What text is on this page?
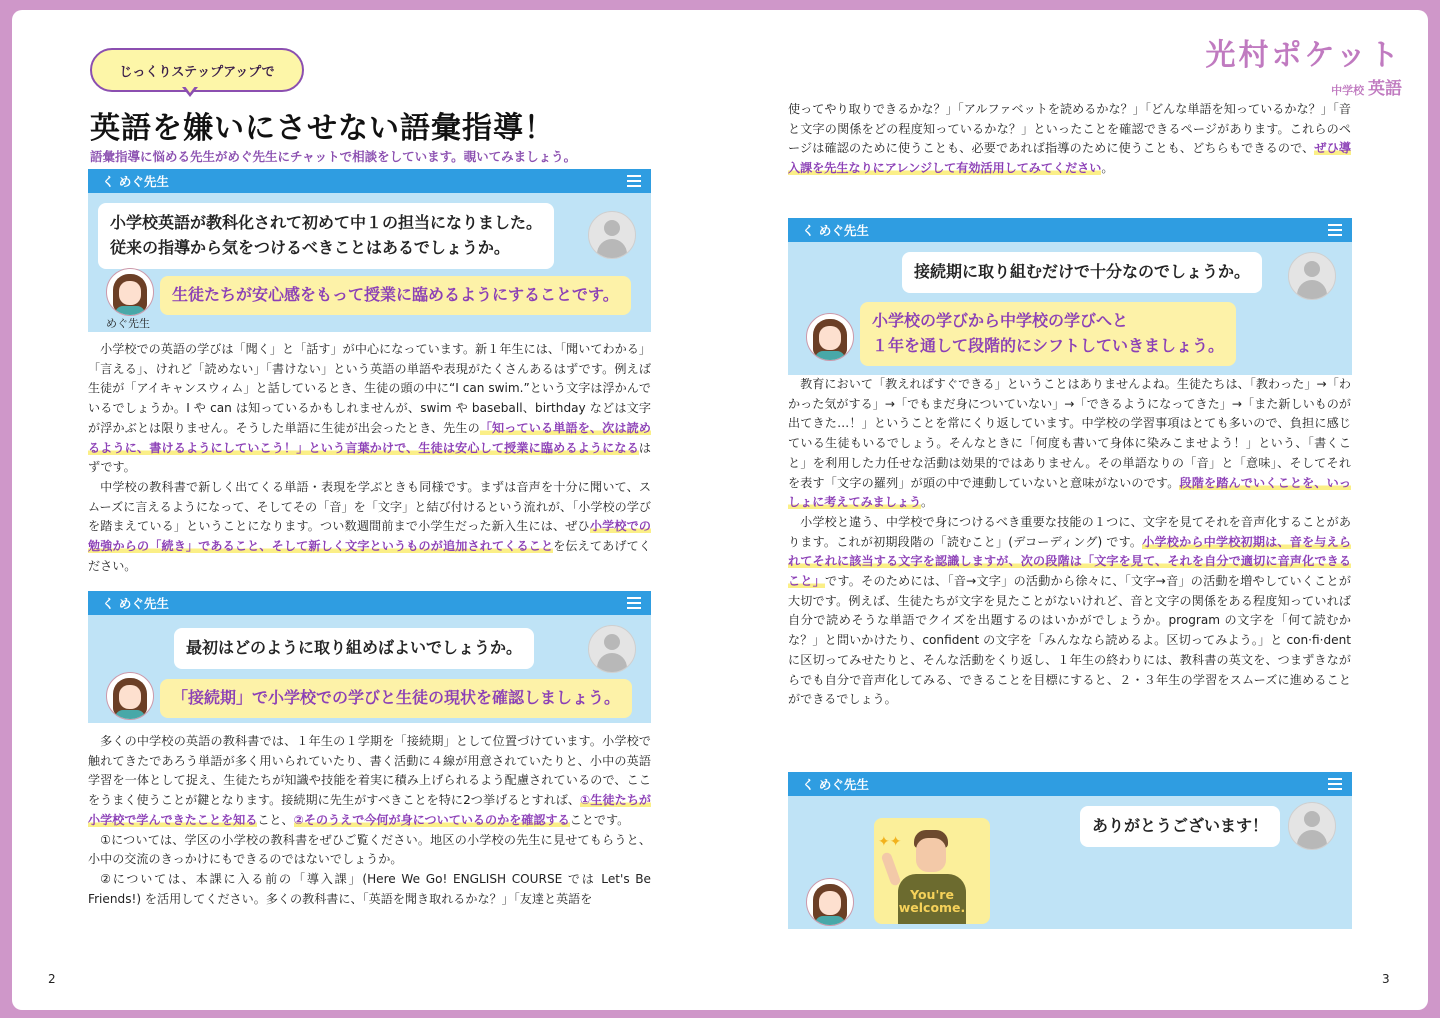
じっくりステップアップで
英語を嫌いにさせない語彙指導！
語彙指導に悩める先生がめぐ先生にチャットで相談をしています。覗いてみましょう。
光村ポケット
中学校 英語
く めぐ先生
小学校英語が教科化されて初めて中１の担当になりました。
従来の指導から気をつけるべきことはあるでしょうか。
めぐ先生
生徒たちが安心感をもって授業に臨めるようにすることです。

小学校での英語の学びは「聞く」と「話す」が中心になっています。新１年生には、「聞いてわかる」「言える」、けれど「読めない」「書けない」という英語の単語や表現がたくさんあるはずです。例えば生徒が「アイキャンスウィム」と話しているとき、生徒の頭の中に“I can swim.”という文字は浮かんでいるでしょうか。I や can は知っているかもしれませんが、swim や baseball、birthday などは文字が浮かぶとは限りません。そうした単語に生徒が出会ったとき、先生の「知っている単語を、次は読めるように、書けるようにしていこう！」という言葉かけで、生徒は安心して授業に臨めるようになるはずです。

中学校の教科書で新しく出てくる単語・表現を学ぶときも同様です。まずは音声を十分に聞いて、スムーズに言えるようになって、そしてその「音」を「文字」と結び付けるという流れが、「小学校の学びを踏まえている」ということになります。つい数週間前まで小学生だった新入生には、ぜひ小学校での勉強からの「続き」であること、そして新しく文字というものが追加されてくることを伝えてあげてください。

く めぐ先生
最初はどのように取り組めばよいでしょうか。
「接続期」で小学校での学びと生徒の現状を確認しましょう。

多くの中学校の英語の教科書では、１年生の１学期を「接続期」として位置づけています。小学校で触れてきたであろう単語が多く用いられていたり、書く活動に４線が用意されていたりと、小中の英語学習を一体として捉え、生徒たちが知識や技能を着実に積み上げられるよう配慮されているので、ここをうまく使うことが鍵となります。接続期に先生がすべきことを特に2つ挙げるとすれば、①生徒たちが小学校で学んできたことを知ること、②そのうえで今何が身についているのかを確認することです。

①については、学区の小学校の教科書をぜひご覧ください。地区の小学校の先生に見せてもらうと、小中の交流のきっかけにもできるのではないでしょうか。

②については、本課に入る前の「導入課」(Here We Go! ENGLISH COURSE では Let's Be Friends!) を活用してください。多くの教科書に、「英語を聞き取れるかな？」「友達と英語を

使ってやり取りできるかな？」「アルファベットを読めるかな？」「どんな単語を知っているかな？」「音と文字の関係をどの程度知っているかな？」といったことを確認できるページがあります。これらのページは確認のために使うことも、必要であれば指導のために使うことも、どちらもできるので、ぜひ導入課を先生なりにアレンジして有効活用してみてください。

く めぐ先生
接続期に取り組むだけで十分なのでしょうか。
小学校の学びから中学校の学びへと
１年を通して段階的にシフトしていきましょう。

教育において「教えればすぐできる」ということはありませんよね。生徒たちは、「教わった」→「わかった気がする」→「でもまだ身についていない」→「できるようになってきた」→「また新しいものが出てきた…！」ということを常にくり返しています。中学校の学習事項はとても多いので、負担に感じている生徒もいるでしょう。そんなときに「何度も書いて身体に染みこませよう！」という、「書くこと」を利用した力任せな活動は効果的ではありません。その単語なりの「音」と「意味」、そしてそれを表す「文字の羅列」が頭の中で連動していないと意味がないのです。段階を踏んでいくことを、いっしょに考えてみましょう。

小学校と違う、中学校で身につけるべき重要な技能の１つに、文字を見てそれを音声化することがあります。これが初期段階の「読むこと」(デコーディング) です。小学校から中学校初期は、音を与えられてそれに該当する文字を認識しますが、次の段階は「文字を見て、それを自分で適切に音声化できること」です。そのためには、「音→文字」の活動から徐々に、「文字→音」の活動を増やしていくことが大切です。例えば、生徒たちが文字を見たことがないけれど、音と文字の関係をある程度知っていれば自分で読めそうな単語でクイズを出題するのはいかがでしょうか。program の文字を「何て読むかな？」と問いかけたり、confident の文字を「みんななら読めるよ。区切ってみよう。」と con·fi·dent に区切ってみせたりと、そんな活動をくり返し、１年生の終わりには、教科書の英文を、つまずきながらでも自分で音声化してみる、できることを目標にすると、２・３年生の学習をスムーズに進めることができるでしょう。

く めぐ先生
ありがとうございます！
✦✦
You're
welcome.
2	3
